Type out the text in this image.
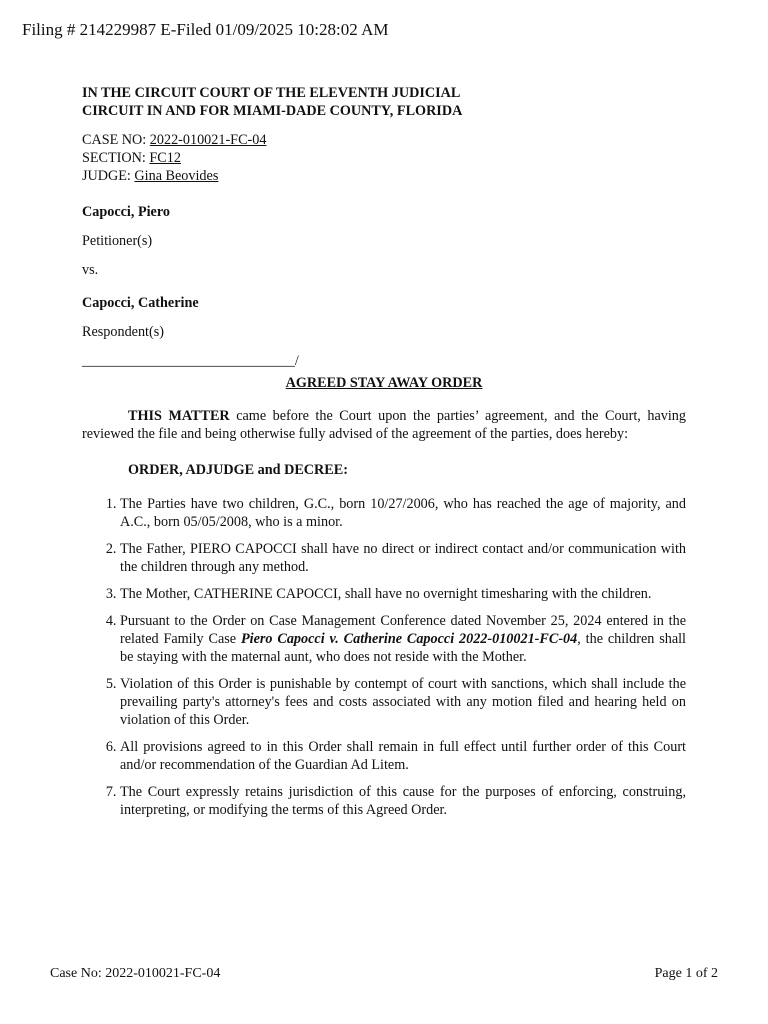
Filing # 214229987 E-Filed 01/09/2025 10:28:02 AM
IN THE CIRCUIT COURT OF THE ELEVENTH JUDICIAL
CIRCUIT IN AND FOR MIAMI-DADE COUNTY, FLORIDA
CASE NO: 2022-010021-FC-04
SECTION: FC12
JUDGE: Gina Beovides
Capocci, Piero
Petitioner(s)
vs.
Capocci, Catherine
Respondent(s)
______________________________/
AGREED STAY AWAY ORDER
THIS MATTER came before the Court upon the parties’ agreement, and the Court, having reviewed the file and being otherwise fully advised of the agreement of the parties, does hereby:
ORDER, ADJUDGE and DECREE:
1. The Parties have two children, G.C., born 10/27/2006, who has reached the age of majority, and A.C., born 05/05/2008, who is a minor.
2. The Father, PIERO CAPOCCI shall have no direct or indirect contact and/or communication with the children through any method.
3. The Mother, CATHERINE CAPOCCI, shall have no overnight timesharing with the children.
4. Pursuant to the Order on Case Management Conference dated November 25, 2024 entered in the related Family Case Piero Capocci v. Catherine Capocci 2022-010021-FC-04, the children shall be staying with the maternal aunt, who does not reside with the Mother.
5. Violation of this Order is punishable by contempt of court with sanctions, which shall include the prevailing party's attorney's fees and costs associated with any motion filed and hearing held on violation of this Order.
6. All provisions agreed to in this Order shall remain in full effect until further order of this Court and/or recommendation of the Guardian Ad Litem.
7. The Court expressly retains jurisdiction of this cause for the purposes of enforcing, construing, interpreting, or modifying the terms of this Agreed Order.
Case No: 2022-010021-FC-04	Page 1 of 2
